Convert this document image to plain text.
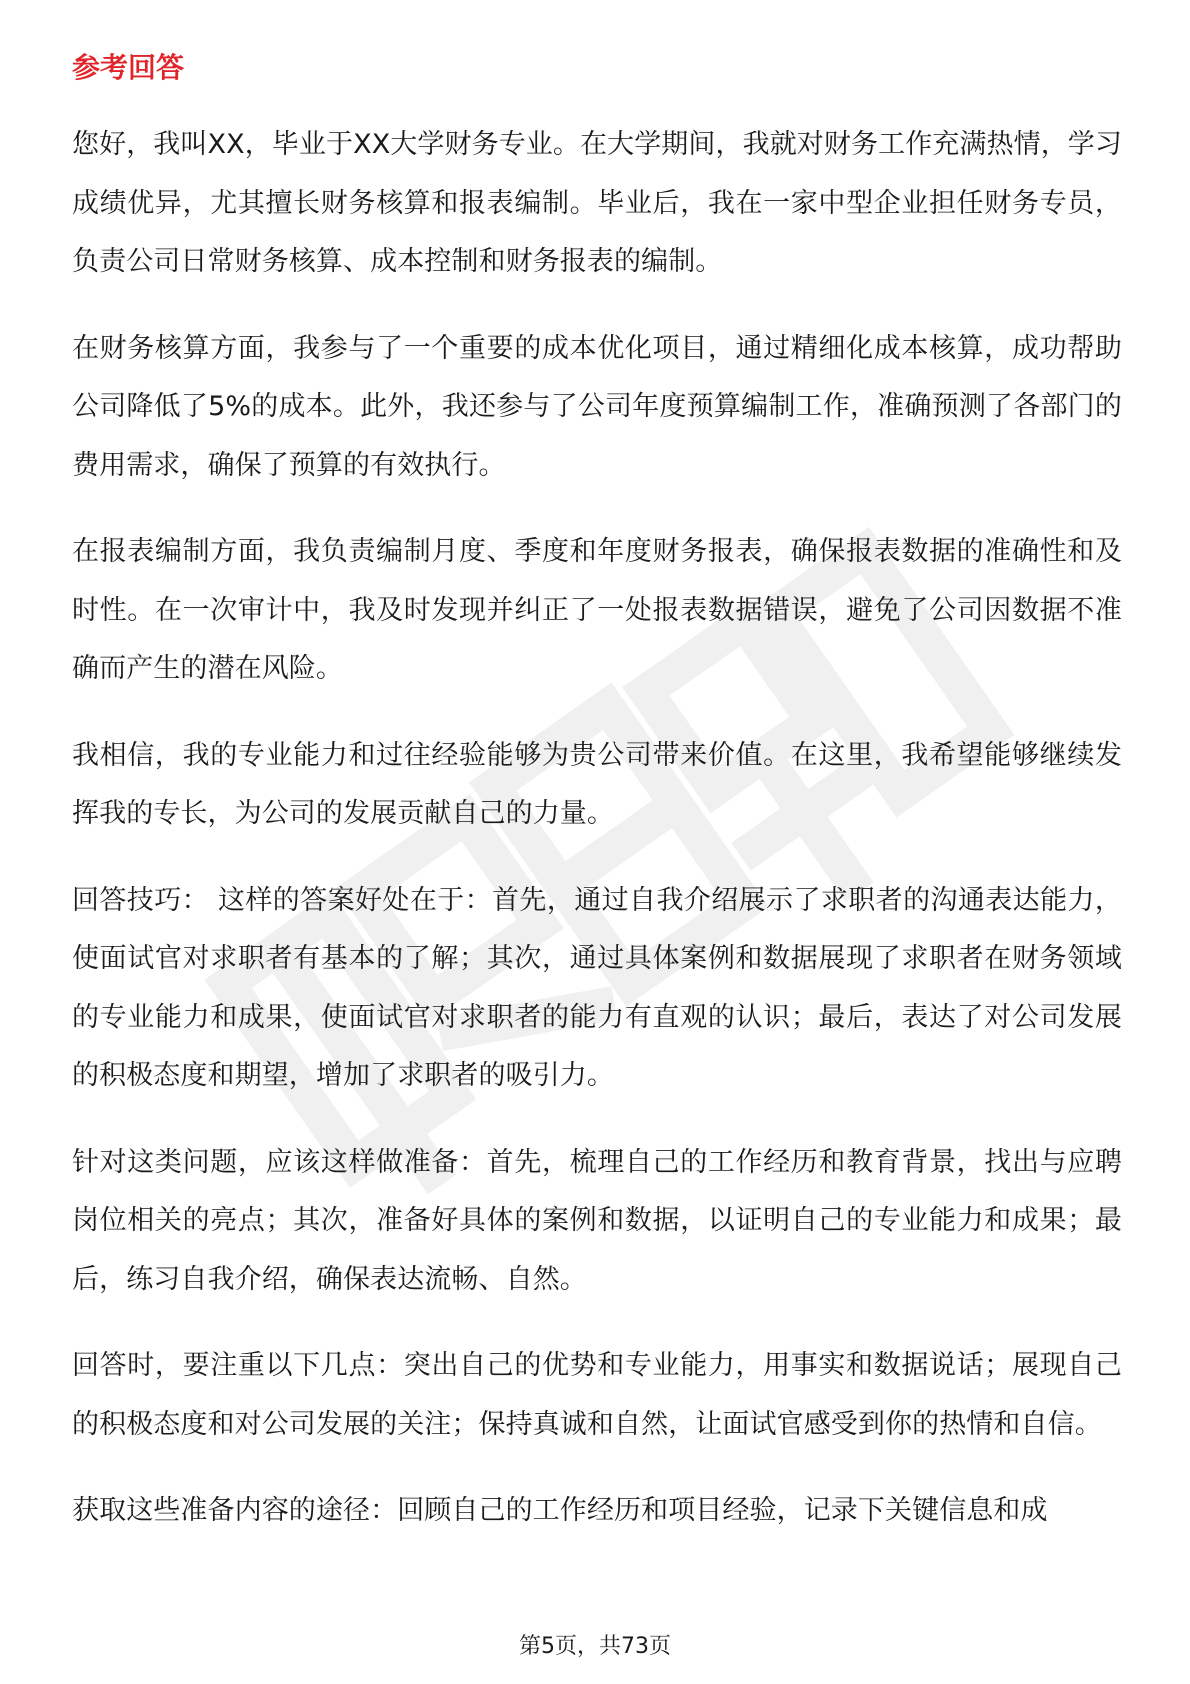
参考回答

您好，我叫XX，毕业于XX大学财务专业。在大学期间，我就对财务工作充满热情，学习成绩优异，尤其擅长财务核算和报表编制。毕业后，我在一家中型企业担任财务专员，负责公司日常财务核算、成本控制和财务报表的编制。

在财务核算方面，我参与了一个重要的成本优化项目，通过精细化成本核算，成功帮助公司降低了5%的成本。此外，我还参与了公司年度预算编制工作，准确预测了各部门的费用需求，确保了预算的有效执行。

在报表编制方面，我负责编制月度、季度和年度财务报表，确保报表数据的准确性和及时性。在一次审计中，我及时发现并纠正了一处报表数据错误，避免了公司因数据不准确而产生的潜在风险。

我相信，我的专业能力和过往经验能够为贵公司带来价值。在这里，我希望能够继续发挥我的专长，为公司的发展贡献自己的力量。

回答技巧： 这样的答案好处在于：首先，通过自我介绍展示了求职者的沟通表达能力，使面试官对求职者有基本的了解；其次，通过具体案例和数据展现了求职者在财务领域的专业能力和成果，使面试官对求职者的能力有直观的认识；最后，表达了对公司发展的积极态度和期望，增加了求职者的吸引力。

针对这类问题，应该这样做准备：首先，梳理自己的工作经历和教育背景，找出与应聘岗位相关的亮点；其次，准备好具体的案例和数据，以证明自己的专业能力和成果；最后，练习自我介绍，确保表达流畅、自然。

回答时，要注重以下几点：突出自己的优势和专业能力，用事实和数据说话；展现自己的积极态度和对公司发展的关注；保持真诚和自然，让面试官感受到你的热情和自信。

获取这些准备内容的途径：回顾自己的工作经历和项目经验，记录下关键信息和成

第5页，共73页
